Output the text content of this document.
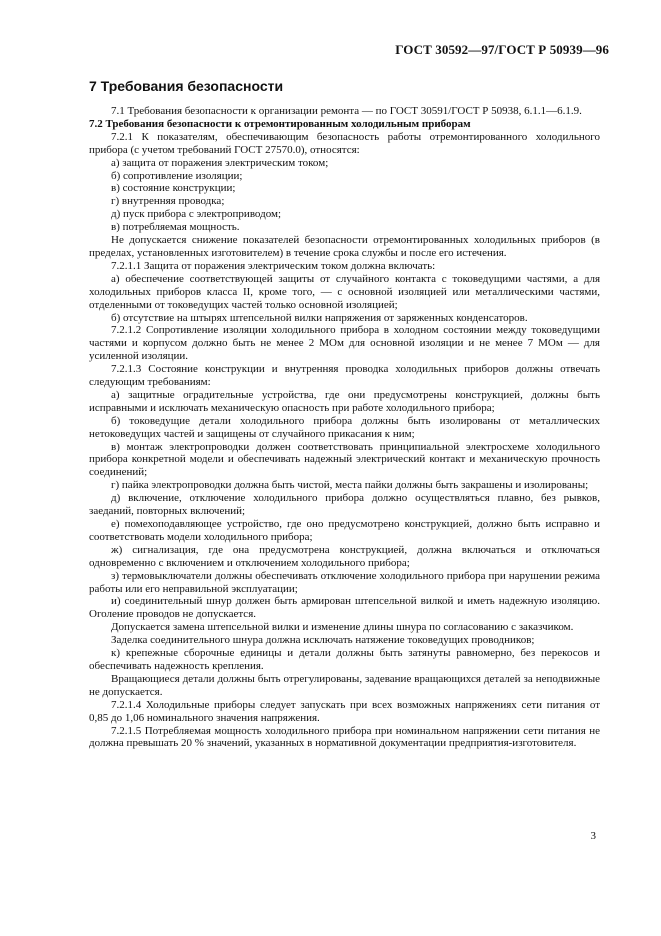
ГОСТ 30592—97/ГОСТ Р 50939—96
7 Требования безопасности

7.1 Требования безопасности к организации ремонта — по ГОСТ 30591/ГОСТ Р 50938, 6.1.1—6.1.9.

7.2 Требования безопасности к отремонтированным холодильным приборам

7.2.1 К показателям, обеспечивающим безопасность работы отремонтированного холодильного прибора (с учетом требований ГОСТ 27570.0), относятся:

а) защита от поражения электрическим током;

б) сопротивление изоляции;

в) состояние конструкции;

г) внутренняя проводка;

д) пуск прибора с электроприводом;

в) потребляемая мощность.

Не допускается снижение показателей безопасности отремонтированных холодильных приборов (в пределах, установленных изготовителем) в течение срока службы и после его истечения.

7.2.1.1 Защита от поражения электрическим током должна включать:

а) обеспечение соответствующей защиты от случайного контакта с токоведущими частями, а для холодильных приборов класса II, кроме того, — с основной изоляцией или металлическими частями, отделенными от токоведущих частей только основной изоляцией;

б) отсутствие на штырях штепсельной вилки напряжения от заряженных конденсаторов.

7.2.1.2 Сопротивление изоляции холодильного прибора в холодном состоянии между токоведущими частями и корпусом должно быть не менее 2 МОм для основной изоляции и не менее 7 МОм — для усиленной изоляции.

7.2.1.3 Состояние конструкции и внутренняя проводка холодильных приборов должны отвечать следующим требованиям:

а) защитные оградительные устройства, где они предусмотрены конструкцией, должны быть исправными и исключать механическую опасность при работе холодильного прибора;

б) токоведущие детали холодильного прибора должны быть изолированы от металлических нетоковедущих частей и защищены от случайного прикасания к ним;

в) монтаж электропроводки должен соответствовать принципиальной электросхеме холодильного прибора конкретной модели и обеспечивать надежный электрический контакт и механическую прочность соединений;

г) пайка электропроводки должна быть чистой, места пайки должны быть закрашены и изолированы;

д) включение, отключение холодильного прибора должно осуществляться плавно, без рывков, заеданий, повторных включений;

е) помехоподавляющее устройство, где оно предусмотрено конструкцией, должно быть исправно и соответствовать модели холодильного прибора;

ж) сигнализация, где она предусмотрена конструкцией, должна включаться и отключаться одновременно с включением и отключением холодильного прибора;

з) термовыключатели должны обеспечивать отключение холодильного прибора при нарушении режима работы или его неправильной эксплуатации;

и) соединительный шнур должен быть армирован штепсельной вилкой и иметь надежную изоляцию. Оголение проводов не допускается.

Допускается замена штепсельной вилки и изменение длины шнура по согласованию с заказчиком.

Заделка соединительного шнура должна исключать натяжение токоведущих проводников;

к) крепежные сборочные единицы и детали должны быть затянуты равномерно, без перекосов и обеспечивать надежность крепления.

Вращающиеся детали должны быть отрегулированы, задевание вращающихся деталей за неподвижные не допускается.

7.2.1.4 Холодильные приборы следует запускать при всех возможных напряжениях сети питания от 0,85 до 1,06 номинального значения напряжения.

7.2.1.5 Потребляемая мощность холодильного прибора при номинальном напряжении сети питания не должна превышать 20 % значений, указанных в нормативной документации предприятия-изготовителя.

3
